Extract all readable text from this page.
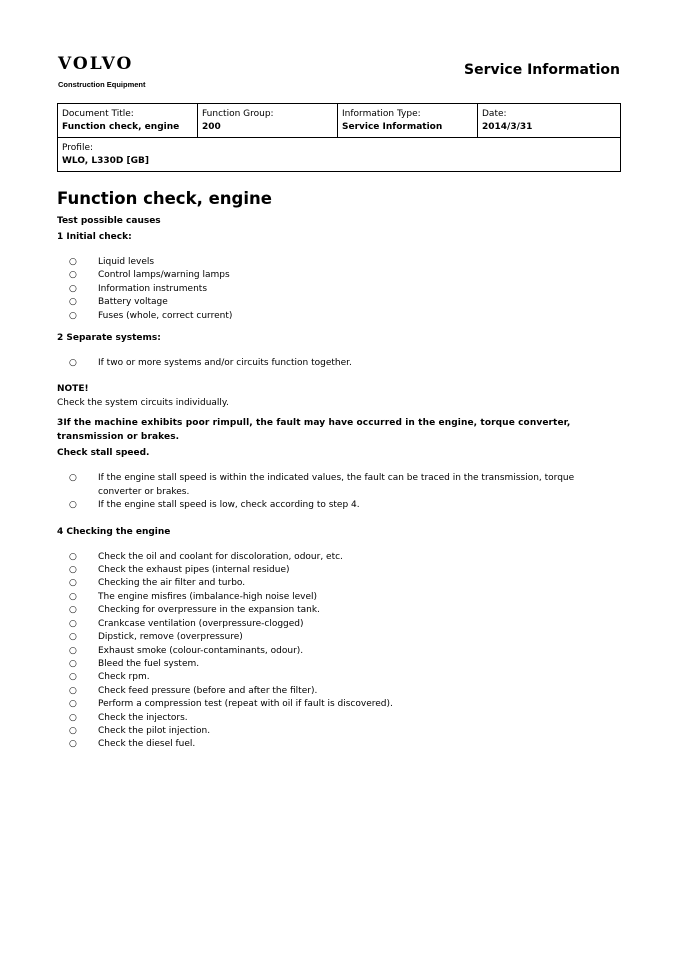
VOLVO
Construction Equipment
Service Information
Document Title:
Function check, engine

Function Group:
200

Information Type:
Service Information

Date:
2014/3/31

Profile:
WLO, L330D [GB]
Function check, engine

Test possible causes

1 Initial check:

○	Liquid levels
○	Control lamps/warning lamps
○	Information instruments
○	Battery voltage
○	Fuses (whole, correct current)

2 Separate systems:

○	If two or more systems and/or circuits function together.

NOTE!

Check the system circuits individually.

3If the machine exhibits poor rimpull, the fault may have occurred in the engine, torque converter, transmission or brakes.

Check stall speed.

○	If the engine stall speed is within the indicated values, the fault can be traced in the transmission, torque converter or brakes.
○	If the engine stall speed is low, check according to step 4.

4 Checking the engine

○	Check the oil and coolant for discoloration, odour, etc.
○	Check the exhaust pipes (internal residue)
○	Checking the air filter and turbo.
○	The engine misfires (imbalance-high noise level)
○	Checking for overpressure in the expansion tank.
○	Crankcase ventilation (overpressure-clogged)
○	Dipstick, remove (overpressure)
○	Exhaust smoke (colour-contaminants, odour).
○	Bleed the fuel system.
○	Check rpm.
○	Check feed pressure (before and after the filter).
○	Perform a compression test (repeat with oil if fault is discovered).
○	Check the injectors.
○	Check the pilot injection.
○	Check the diesel fuel.
